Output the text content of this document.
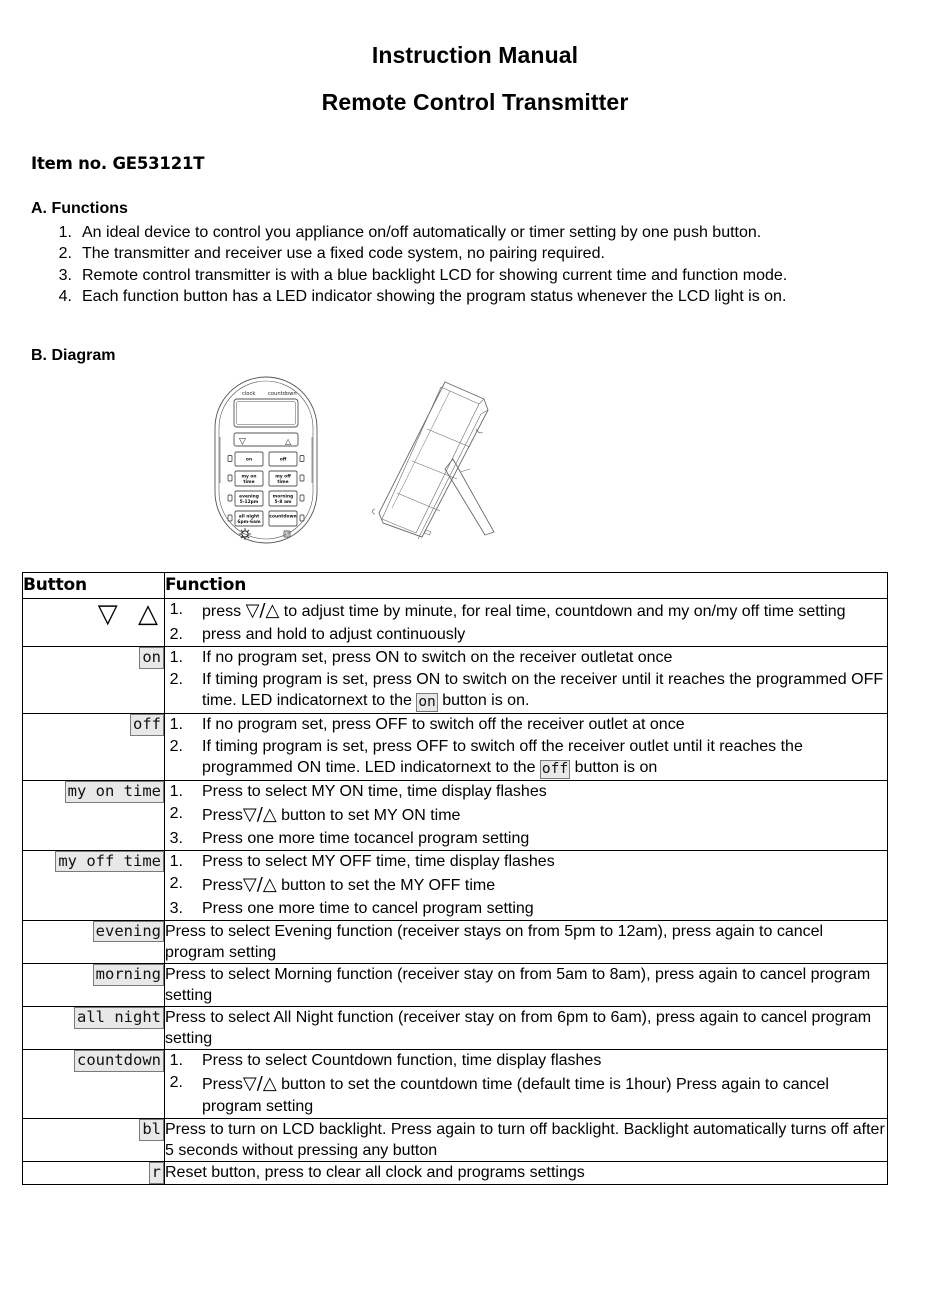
Instruction Manual
Remote Control Transmitter
Item no. GE53121T
A. Functions
1. An ideal device to control you appliance on/off automatically or timer setting by one push button.
2. The transmitter and receiver use a fixed code system, no pairing required.
3. Remote control transmitter is with a blue backlight LCD for showing current time and function mode.
4. Each function button has a LED indicator showing the program status whenever the LCD light is on.
B. Diagram
clock countdown
▽	△
on	off
my on
time
my off
time
evening
5-12pm
morning
5-8 am
all night
6pm-6am
countdown
Button	Function
▽ △	1. press ▽/△ to adjust time by minute, for real time, countdown and my on/my off time setting
2. press and hold to adjust continuously

on	1. If no program set, press ON to switch on the receiver outletat once
2. If timing program is set, press ON to switch on the receiver until it reaches the programmed OFF time. LED indicatornext to the on button is on.

off	1. If no program set, press OFF to switch off the receiver outlet at once
2. If timing program is set, press OFF to switch off the receiver outlet until it reaches the programmed ON time. LED indicatornext to the off button is on

my on time	1. Press to select MY ON time, time display flashes
2. Press▽/△ button to set MY ON time
3. Press one more time tocancel program setting

my off time	1. Press to select MY OFF time, time display flashes
2. Press▽/△ button to set the MY OFF time
3. Press one more time to cancel program setting

evening	Press to select Evening function (receiver stays on from 5pm to 12am), press again to cancel program setting

morning	Press to select Morning function (receiver stay on from 5am to 8am), press again to cancel program setting

all night	Press to select All Night function (receiver stay on from 6pm to 6am), press again to cancel program setting

countdown	1. Press to select Countdown function, time display flashes
2. Press▽/△ button to set the countdown time (default time is 1hour) Press again to cancel program setting

bl	Press to turn on LCD backlight. Press again to turn off backlight. Backlight automatically turns off after 5 seconds without pressing any button

r	Reset button, press to clear all clock and programs settings
